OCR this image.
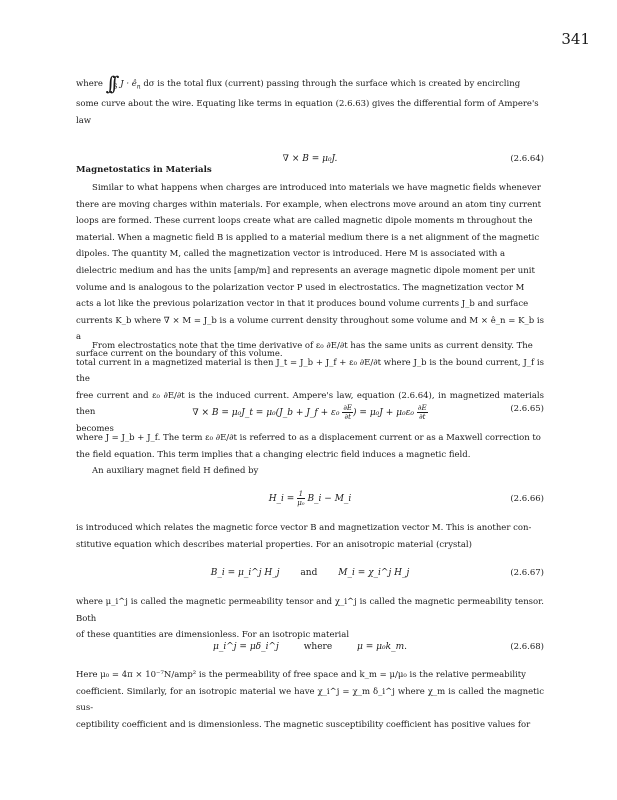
341
where $\int\int_S$ $J \cdot ê_n$ dσ is the total flux (current) passing through the surface which is created by encircling
some curve about the wire. Equating like terms in equation (2.6.63) gives the differential form of Ampere's
law
∇ × B = μ₀J.	(2.6.64)
Magnetostatics in Materials
Similar to what happens when charges are introduced into materials we have magnetic fields whenever
there are moving charges within materials. For example, when electrons move around an atom tiny current
loops are formed. These current loops create what are called magnetic dipole moments m throughout the
material. When a magnetic field B is applied to a material medium there is a net alignment of the magnetic
dipoles. The quantity M, called the magnetization vector is introduced. Here M is associated with a
dielectric medium and has the units [amp/m] and represents an average magnetic dipole moment per unit
volume and is analogous to the polarization vector P used in electrostatics. The magnetization vector M
acts a lot like the previous polarization vector in that it produces bound volume currents J_b and surface
currents K_b where ∇ × M = J_b is a volume current density throughout some volume and M × ê_n = K_b is a
surface current on the boundary of this volume.
From electrostatics note that the time derivative of ε₀ ∂E/∂t has the same units as current density. The
total current in a magnetized material is then J_t = J_b + J_f + ε₀ ∂E/∂t where J_b is the bound current, J_f is the
free current and ε₀ ∂E/∂t is the induced current. Ampere's law, equation (2.6.64), in magnetized materials then
becomes
∇ × B = μ₀J_t = μ₀(J_b + J_f + $\varepsilon_0 \frac{\partial E}{\partial t}$ ) = $\mu_0J + \mu_0\varepsilon_0 \frac{\partial E}{\partial t}$	(2.6.65)
where J = J_b + J_f. The term ε₀ ∂E/∂t is referred to as a displacement current or as a Maxwell correction to
the field equation. This term implies that a changing electric field induces a magnetic field.
An auxiliary magnet field H defined by
H_i = $\frac{1}{\text{μ₀}}$ B_i − M_i	(2.6.66)
is introduced which relates the magnetic force vector B and magnetization vector M. This is another con-
stitutive equation which describes material properties. For an anisotropic material (crystal)
B_i = μ_i^j H_j and M_i = χ_i^j H_j	(2.6.67)
where μ_i^j is called the magnetic permeability tensor and χ_i^j is called the magnetic permeability tensor. Both
of these quantities are dimensionless. For an isotropic material
μ_i^j = μδ_i^j	where	μ = μ₀k_m.	(2.6.68)
Here μ₀ = 4π × 10⁻⁷N/amp² is the permeability of free space and k_m = μ/μ₀ is the relative permeability
coefficient. Similarly, for an isotropic material we have χ_i^j = χ_m δ_i^j where χ_m is called the magnetic sus-
ceptibility coefficient and is dimensionless. The magnetic susceptibility coefficient has positive values for
